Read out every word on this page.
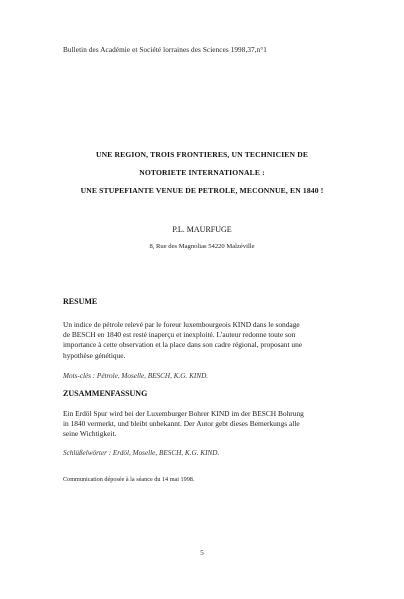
Bulletin des Académie et Société lorraines des Sciences 1998,37,n°1
UNE REGION, TROIS FRONTIERES, UN TECHNICIEN DE
NOTORIETE INTERNATIONALE :
UNE STUPEFIANTE VENUE DE PETROLE, MECONNUE, EN 1840 !
P.L. MAURFUGE
8, Rue des Magnolias 54220 Malzéville
RESUME
Un indice de pétrole relevé par le foreur luxembourgeois KIND dans le sondage
de BESCH en 1840 est resté inaperçu et inexploité. L'auteur redonne toute son
importance à cette observation et la place dans son cadre régional, proposant une
hypothèse génétique.
Mots-clés : Pétrole, Moselle, BESCH, K.G. KIND.
ZUSAMMENFASSUNG
Ein Erdöl Spur wird bei der Luxemburger Bohrer KIND im der BESCH Bohrung
in 1840 vermerkt, und bleibt unbekannt. Der Autor gebt dieses Bemerkungs alle
seine Wichtigkeit.
Schlüßelwörter : Erdöl, Moselle, BESCH, K.G. KIND.
Communication déposée à la séance du 14 mai 1998.
5
